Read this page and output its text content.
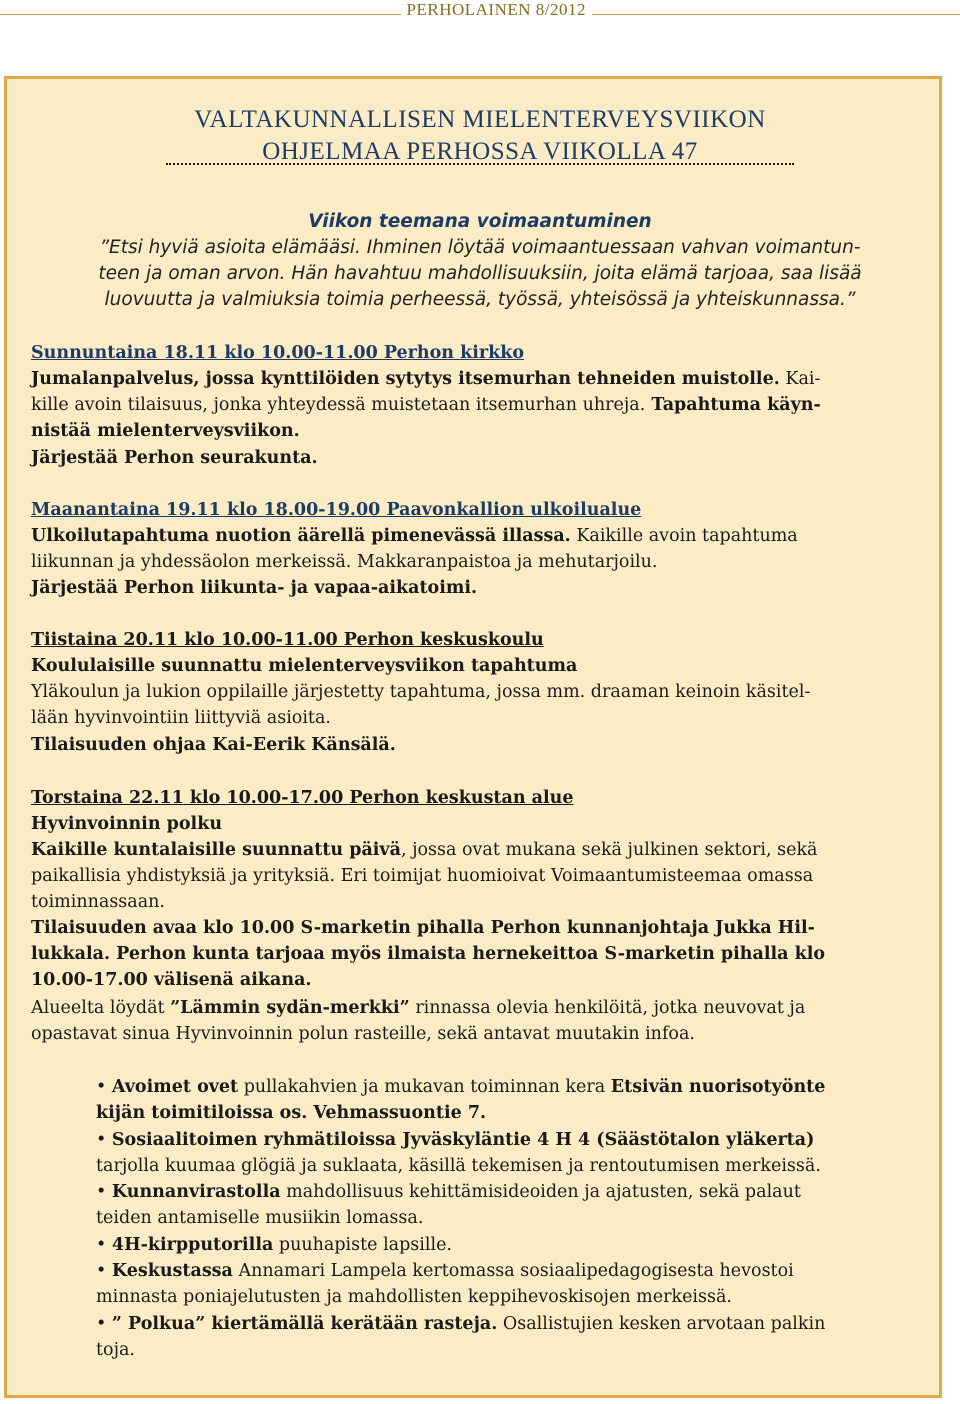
PERHOLAINEN 8/2012
VALTAKUNNALLISEN MIELENTERVEYSVIIKON
OHJELMAA PERHOSSA VIIKOLLA 47
Viikon teemana voimaantuminen
”Etsi hyviä asioita elämääsi. Ihminen löytää voimaantuessaan vahvan voimantun-
teen ja oman arvon. Hän havahtuu mahdollisuuksiin, joita elämä tarjoaa, saa lisää
luovuutta ja valmiuksia toimia perheessä, työssä, yhteisössä ja yhteiskunnassa.”
Sunnuntaina 18.11 klo 10.00-11.00 Perhon kirkko
Jumalanpalvelus, jossa kynttilöiden sytytys itsemurhan tehneiden muistolle. Kai-
kille avoin tilaisuus, jonka yhteydessä muistetaan itsemurhan uhreja. Tapahtuma käyn-
nistää mielenterveysviikon.
Järjestää Perhon seurakunta.
Maanantaina 19.11 klo 18.00-19.00 Paavonkallion ulkoilualue
Ulkoilutapahtuma nuotion äärellä pimenevässä illassa. Kaikille avoin tapahtuma
liikunnan ja yhdessäolon merkeissä. Makkaranpaistoa ja mehutarjoilu.
Järjestää Perhon liikunta- ja vapaa-aikatoimi.
Tiistaina 20.11 klo 10.00-11.00 Perhon keskuskoulu
Koululaisille suunnattu mielenterveysviikon tapahtuma
Yläkoulun ja lukion oppilaille järjestetty tapahtuma, jossa mm. draaman keinoin käsitel-
lään hyvinvointiin liittyviä asioita.
Tilaisuuden ohjaa Kai-Eerik Känsälä.
Torstaina 22.11 klo 10.00-17.00 Perhon keskustan alue
Hyvinvoinnin polku
Kaikille kuntalaisille suunnattu päivä, jossa ovat mukana sekä julkinen sektori, sekä
paikallisia yhdistyksiä ja yrityksiä. Eri toimijat huomioivat Voimaantumisteemaa omassa
toiminnassaan.
Tilaisuuden avaa klo 10.00 S-marketin pihalla Perhon kunnanjohtaja Jukka Hil-
lukkala. Perhon kunta tarjoaa myös ilmaista hernekeittoa S-marketin pihalla klo
10.00-17.00 välisenä aikana.
Alueelta löydät ”Lämmin sydän-merkki” rinnassa olevia henkilöitä, jotka neuvovat ja
opastavat sinua Hyvinvoinnin polun rasteille, sekä antavat muutakin infoa.
• Avoimet ovet pullakahvien ja mukavan toiminnan kera Etsivän nuorisotyönte
kijän toimitiloissa os. Vehmassuontie 7.
• Sosiaalitoimen ryhmätiloissa Jyväskyläntie 4 H 4 (Säästötalon yläkerta)
tarjolla kuumaa glögiä ja suklaata, käsillä tekemisen ja rentoutumisen merkeissä.
• Kunnanvirastolla mahdollisuus kehittämisideoiden ja ajatusten, sekä palaut
teiden antamiselle musiikin lomassa.
• 4H-kirpputorilla puuhapiste lapsille.
• Keskustassa Annamari Lampela kertomassa sosiaalipedagogisesta hevostoi
minnasta poniajelutusten ja mahdollisten keppihevoskisojen merkeissä.
• ” Polkua” kiertämällä kerätään rasteja. Osallistujien kesken arvotaan palkin
toja.
